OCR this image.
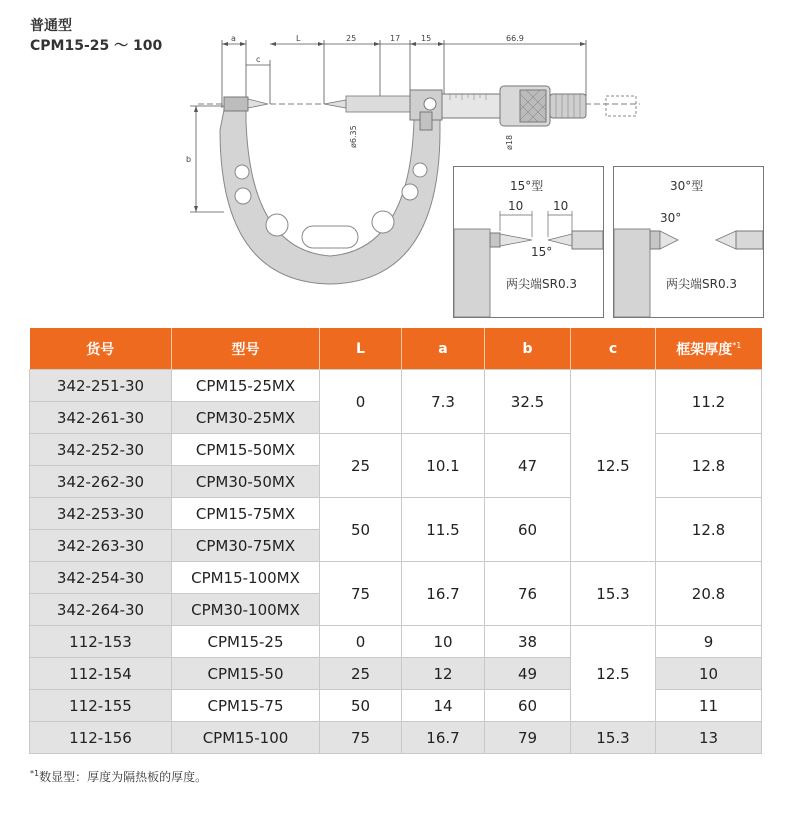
普通型
CPM15-25 ～ 100	a
c
L	25	17	15	66.9
b
ø6.35	ø18
15°型
10 10
15°
两尖端SR0.3
30°型
30°
两尖端SR0.3
货号	型号	L	a	b	c	框架厚度$^{*1}$
342-251-30	CPM15-25MX	0	7.3	32.5	12.5	11.2
342-261-30	CPM30-25MX					
342-252-30	CPM15-50MX	25	10.1	47		12.8
342-262-30	CPM30-50MX					
342-253-30	CPM15-75MX	50	11.5	60		12.8
342-263-30	CPM30-75MX					
342-254-30	CPM15-100MX	75	16.7	76	15.3	20.8
342-264-30	CPM30-100MX					
112-153	CPM15-25	0	10	38	12.5	9
112-154	CPM15-50	25	12	49		10
112-155	CPM15-75	50	14	60		11
112-156	CPM15-100	75	16.7	79	15.3	13
$^{*1}$数显型：厚度为隔热板的厚度。
